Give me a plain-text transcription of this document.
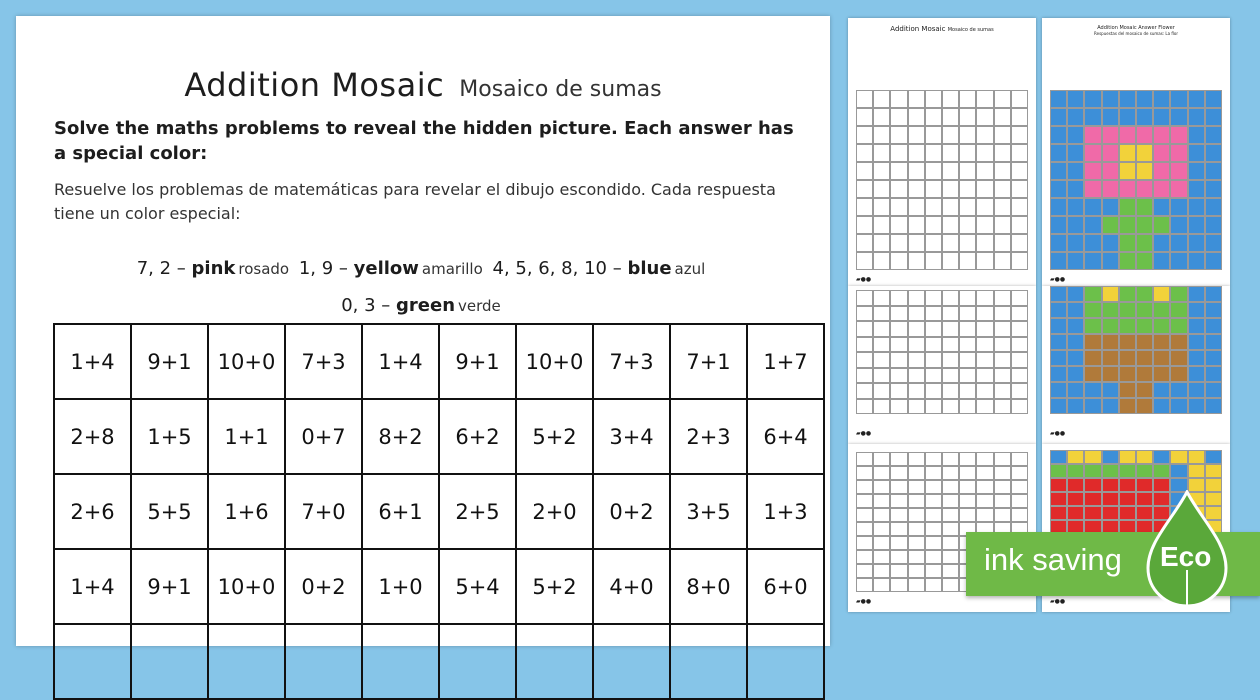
Addition Mosaic Mosaico de sumas
Solve the maths problems to reveal the hidden picture. Each answer has a special color:
Resuelve los problemas de matemáticas para revelar el dibujo escondido. Cada respuesta tiene un color especial:
7, 2 – pink rosado 1, 9 – yellow amarillo 4, 5, 6, 8, 10 – blue azul
0, 3 – green verde
1+4	9+1	10+0	7+3	1+4	9+1	10+0	7+3	7+1	1+7
2+8	1+5	1+1	0+7	8+2	6+2	5+2	3+4	2+3	6+4
2+6	5+5	1+6	7+0	6+1	2+5	2+0	0+2	3+5	1+3
1+4	9+1	10+0	0+2	1+0	5+4	5+2	4+0	8+0	6+0

Addition Mosaic Mosaico de sumas
▰●●
Addition Mosaic Answer Flower
Respuestas del mosaico de sumas: La flor
▰●●
▰●●	▰●●
▰●●	▰●●
ink saving Eco
